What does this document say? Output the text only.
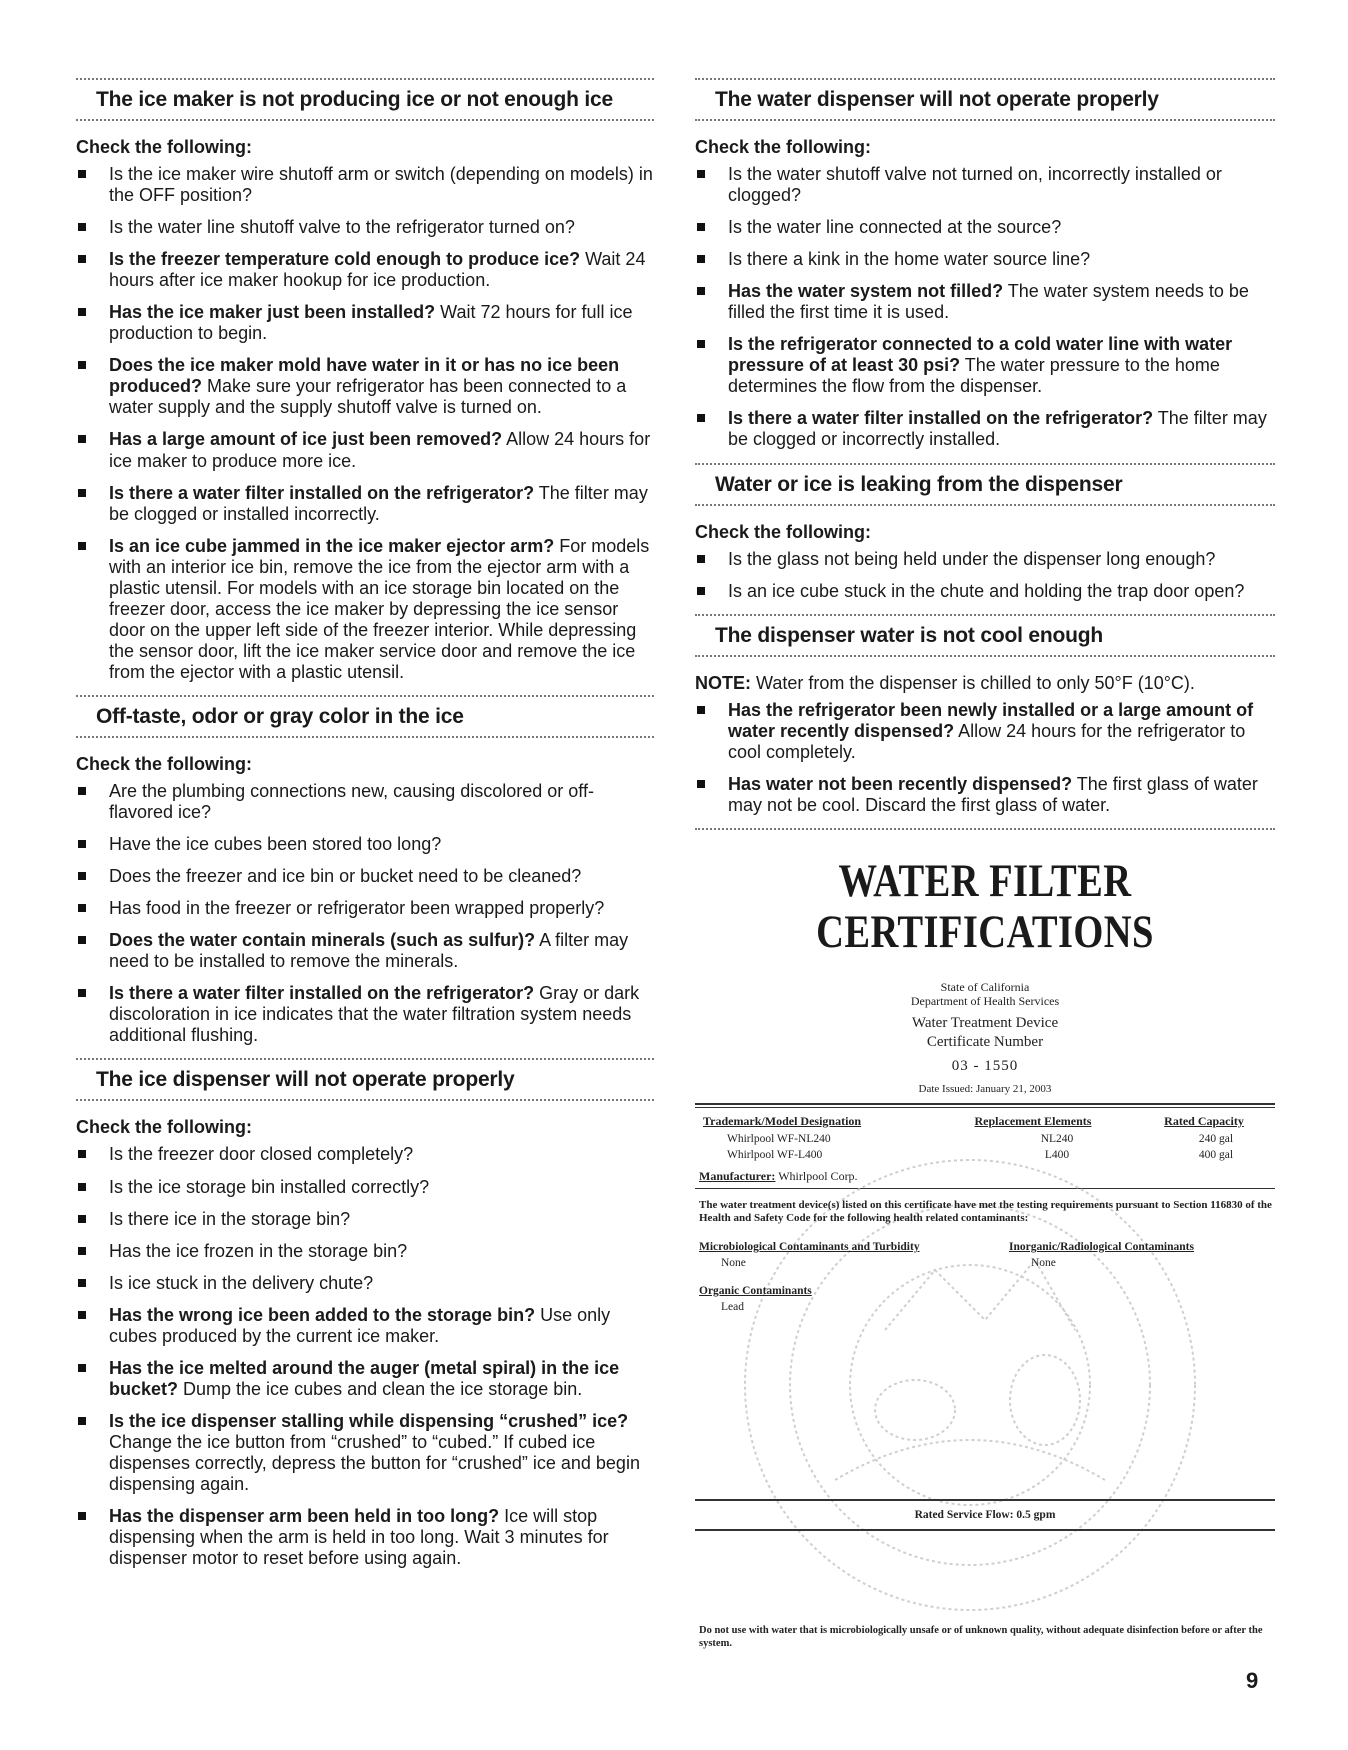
The ice maker is not producing ice or not enough ice
Check the following:
Is the ice maker wire shutoff arm or switch (depending on models) in the OFF position?
Is the water line shutoff valve to the refrigerator turned on?
Is the freezer temperature cold enough to produce ice? Wait 24 hours after ice maker hookup for ice production.
Has the ice maker just been installed? Wait 72 hours for full ice production to begin.
Does the ice maker mold have water in it or has no ice been produced? Make sure your refrigerator has been connected to a water supply and the supply shutoff valve is turned on.
Has a large amount of ice just been removed? Allow 24 hours for ice maker to produce more ice.
Is there a water filter installed on the refrigerator? The filter may be clogged or installed incorrectly.
Is an ice cube jammed in the ice maker ejector arm? For models with an interior ice bin, remove the ice from the ejector arm with a plastic utensil. For models with an ice storage bin located on the freezer door, access the ice maker by depressing the ice sensor door on the upper left side of the freezer interior. While depressing the sensor door, lift the ice maker service door and remove the ice from the ejector with a plastic utensil.
Off-taste, odor or gray color in the ice
Check the following:
Are the plumbing connections new, causing discolored or off-flavored ice?
Have the ice cubes been stored too long?
Does the freezer and ice bin or bucket need to be cleaned?
Has food in the freezer or refrigerator been wrapped properly?
Does the water contain minerals (such as sulfur)? A filter may need to be installed to remove the minerals.
Is there a water filter installed on the refrigerator? Gray or dark discoloration in ice indicates that the water filtration system needs additional flushing.
The ice dispenser will not operate properly
Check the following:
Is the freezer door closed completely?
Is the ice storage bin installed correctly?
Is there ice in the storage bin?
Has the ice frozen in the storage bin?
Is ice stuck in the delivery chute?
Has the wrong ice been added to the storage bin? Use only cubes produced by the current ice maker.
Has the ice melted around the auger (metal spiral) in the ice bucket? Dump the ice cubes and clean the ice storage bin.
Is the ice dispenser stalling while dispensing “crushed” ice? Change the ice button from “crushed” to “cubed.” If cubed ice dispenses correctly, depress the button for “crushed” ice and begin dispensing again.
Has the dispenser arm been held in too long? Ice will stop dispensing when the arm is held in too long. Wait 3 minutes for dispenser motor to reset before using again.
The water dispenser will not operate properly
Check the following:
Is the water shutoff valve not turned on, incorrectly installed or clogged?
Is the water line connected at the source?
Is there a kink in the home water source line?
Has the water system not filled? The water system needs to be filled the first time it is used.
Is the refrigerator connected to a cold water line with water pressure of at least 30 psi? The water pressure to the home determines the flow from the dispenser.
Is there a water filter installed on the refrigerator? The filter may be clogged or incorrectly installed.
Water or ice is leaking from the dispenser
Check the following:
Is the glass not being held under the dispenser long enough?
Is an ice cube stuck in the chute and holding the trap door open?
The dispenser water is not cool enough
NOTE: Water from the dispenser is chilled to only 50°F (10°C).
Has the refrigerator been newly installed or a large amount of water recently dispensed? Allow 24 hours for the refrigerator to cool completely.
Has water not been recently dispensed? The first glass of water may not be cool. Discard the first glass of water.
WATER FILTER
CERTIFICATIONS
State of California
Department of Health Services
Water Treatment Device
Certificate Number
03 - 1550
Date Issued: January 21, 2003
Trademark/Model Designation	Replacement Elements	Rated Capacity
Whirlpool WF-NL240	NL240	240 gal
Whirlpool WF-L400	L400	400 gal
Manufacturer: Whirlpool Corp.
The water treatment device(s) listed on this certificate have met the testing requirements pursuant to Section 116830 of the Health and Safety Code for the following health related contaminants:
Microbiological Contaminants and Turbidity
None
Inorganic/Radiological Contaminants
None
Organic Contaminants
Lead
Rated Service Flow: 0.5 gpm
Do not use with water that is microbiologically unsafe or of unknown quality, without adequate disinfection before or after the system.
9
